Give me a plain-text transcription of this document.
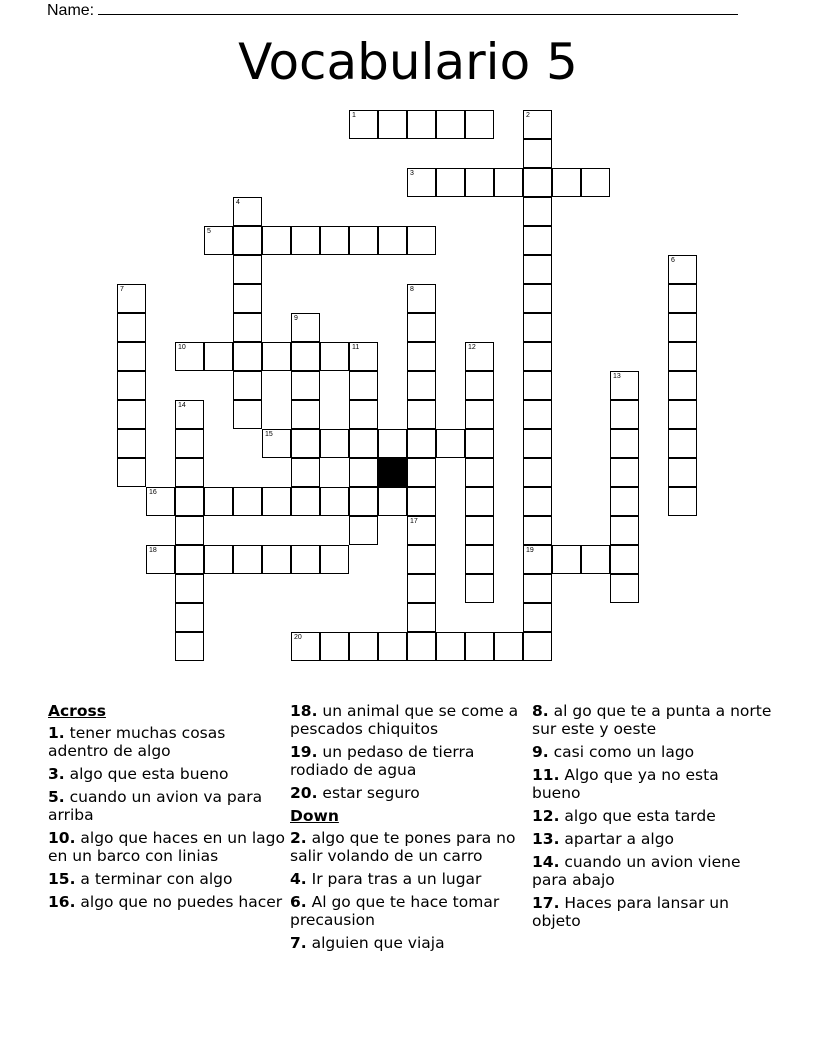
Name:
Vocabulario 5
1
3
5
10	11
15
16
18	19
20
2
4
6
7	8
17
9
12
13
14
Across
1. tener muchas cosas adentro de algo
3. algo que esta bueno
5. cuando un avion va para arriba
10. algo que haces en un lago en un barco con linias
15. a terminar con algo
16. algo que no puedes hacer
18. un animal que se come a pescados chiquitos
19. un pedaso de tierra rodiado de agua
20. estar seguro
Down
2. algo que te pones para no salir volando de un carro
4. Ir para tras a un lugar
6. Al go que te hace tomar precausion
7. alguien que viaja
8. al go que te a punta a norte sur este y oeste
9. casi como un lago
11. Algo que ya no esta bueno
12. algo que esta tarde
13. apartar a algo
14. cuando un avion viene para abajo
17. Haces para lansar un objeto
